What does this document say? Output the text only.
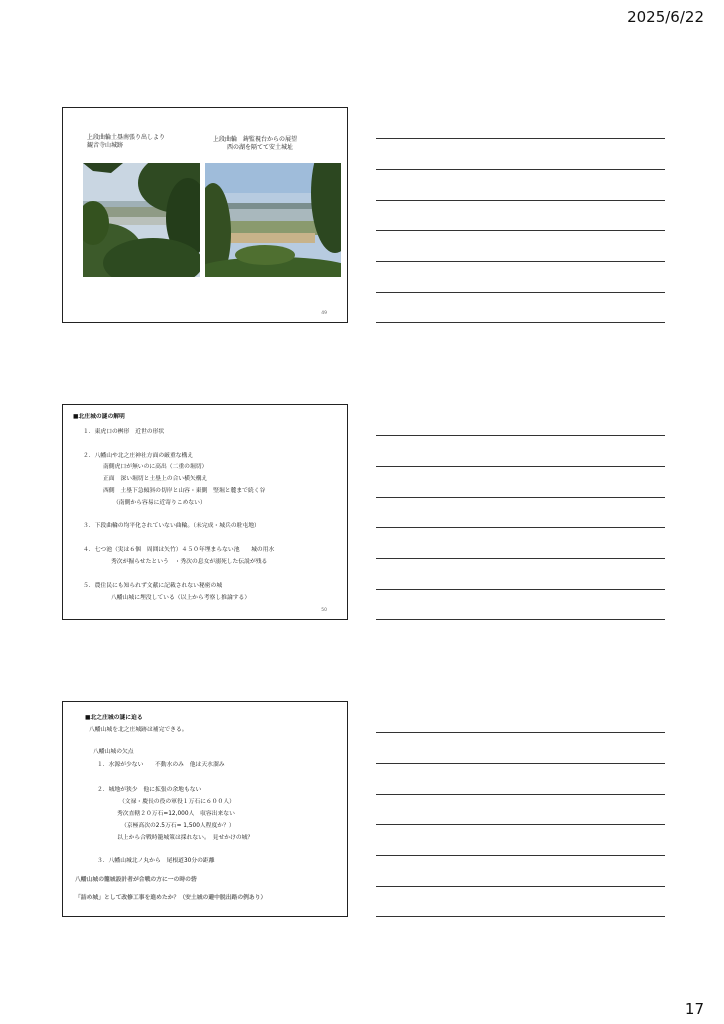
2025/6/22
上段曲輪土塁南張り出しより
観音寺山城跡
上段曲輪　鋳監視台からの展望
西の湖を隔てて安土城址
49
■北庄城の謎の解明
１．東虎口の桝形　近世の形状
２．八幡山や北之庄神社方面の厳重な構え
南側虎口が無いのに高出（二重の堀切）
正面　深い堀切と土塁上の合い横矢構え
西側　土塁下急傾斜の切岸と山容・東側　竪堀と麓まで続く谷
（南側から容易に近寄りこめない）
３．下段曲輪の均平化されていない曲輪。（未完成・城兵の駐屯地）
４．七つ池（実は６個　周囲は矢竹）４５０年埋まらない池　　城の用水
秀次が掘らせたという　・秀次の息女が溺死した伝説が残る
５．農住民にも知られず文献に記載されない秘密の城
八幡山城に埋没している（以上から考察し推論する）
50
■北之庄城の謎に迫る
八幡山城を北之庄城跡は補完できる。
八幡山城の欠点
１．水源が少ない　　不動水のみ　他は天水溜み
２．城地が狭少　他に拡張の余地もない
（文禄・慶長の役の軍役１万石に６００人）
秀次直轄２０万石=12,000人　収容出来ない
（京極高次の2.5万石= 1,500人程度か？）
以上から合戦時籠城策は採れない。　見せかけの城？
３．八幡山城北ノ丸から　尾根道30分の距離
八幡山城の籠城設計者が合戦の方に一の時の砦
「詰め城」として改修工事を進めたか？（安土城の避中脱出路の例あり）
17
